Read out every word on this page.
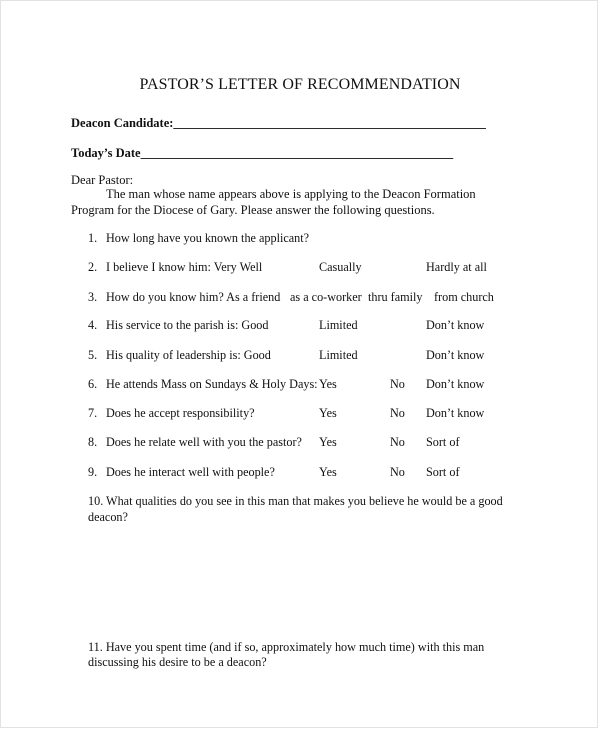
PASTOR’S LETTER OF RECOMMENDATION
Deacon Candidate:__________________________________________________
Today’s Date__________________________________________________
Dear Pastor:
The man whose name appears above is applying to the Deacon Formation
Program for the Diocese of Gary. Please answer the following questions.
1. How long have you known the applicant?
2. I believe I know him: Very Well	Casually	Hardly at all
3. How do you know him? As a friend as a co-worker thru family from church
4. His service to the parish is: Good	Limited	Don’t know
5. His quality of leadership is: Good	Limited	Don’t know
6. He attends Mass on Sundays & Holy Days: Yes	No Don’t know
7. Does he accept responsibility?	Yes	No Don’t know
8. Does he relate well with you the pastor? Yes	No Sort of
9. Does he interact well with people?	Yes	No Sort of
10. What qualities do you see in this man that makes you believe he would be a good
deacon?
11. Have you spent time (and if so, approximately how much time) with this man
discussing his desire to be a deacon?
